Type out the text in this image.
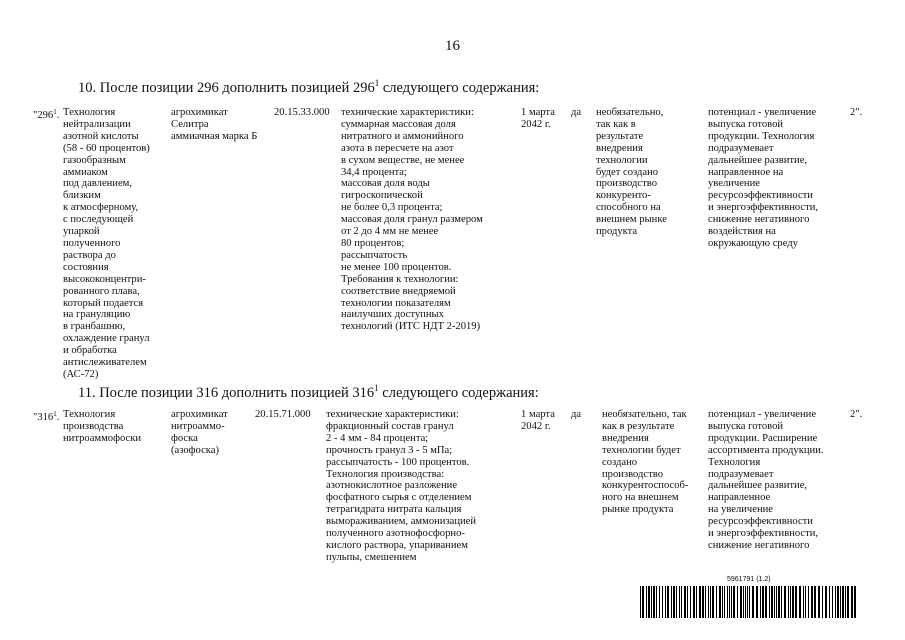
16
10. После позиции 296 дополнить позицией $296^1$ следующего содержания:
"$296^1$. Технология
нейтрализации
азотной кислоты
(58 - 60 процентов)
газообразным
аммиаком
под давлением,
близким
к атмосферному,
с последующей
упаркой
полученного
раствора до
состояния
высококонцентри-
рованного плава,
который подается
на грануляцию
в гранбашню,
охлаждение гранул
и обработка
антислеживателем
(АС-72)
агрохимикат
Селитра
аммиачная марка Б
20.15.33.000 технические характеристики:
суммарная массовая доля
нитратного и аммонийного
азота в пересчете на азот
в сухом веществе, не менее
34,4 процента;
массовая доля воды
гигроскопической
не более 0,3 процента;
массовая доля гранул размером
от 2 до 4 мм не менее
80 процентов;
рассыпчатость
не менее 100 процентов.
Требования к технологии:
соответствие внедряемой
технологии показателям
наилучших доступных
технологий (ИТС НДТ 2-2019)
1 марта
2042 г.
да необязательно,
так как в
результате
внедрения
технологии
будет создано
производство
конкуренто-
способного на
внешнем рынке
продукта
потенциал - увеличение
выпуска готовой
продукции. Технология
подразумевает
дальнейшее развитие,
направленное на
увеличение
ресурсоэффективности
и энергоэффективности,
снижение негативного
воздействия на
окружающую среду
2".
11. После позиции 316 дополнить позицией $316^1$ следующего содержания:
"$316^1$. Технология
производства
нитроаммофоски
агрохимикат
нитроаммо-
фоска
(азофоска)
20.15.71.000 технические характеристики:
фракционный состав гранул
2 - 4 мм - 84 процента;
прочность гранул 3 - 5 мПа;
рассыпчатость - 100 процентов.
Технология производства:
азотнокислотное разложение
фосфатного сырья с отделением
тетрагидрата нитрата кальция
вымораживанием, аммонизацией
полученного азотнофосфорно-
кислого раствора, упариванием
пульпы, смешением
1 марта
2042 г.
да необязательно, так
как в результате
внедрения
технологии будет
создано
производство
конкурентоспособ-
ного на внешнем
рынке продукта
потенциал - увеличение
выпуска готовой
продукции. Расширение
ассортимента продукции.
Технология
подразумевает
дальнейшее развитие,
направленное
на увеличение
ресурсоэффективности
и энергоэффективности,
снижение негативного
2".
5961791 (1.2)
